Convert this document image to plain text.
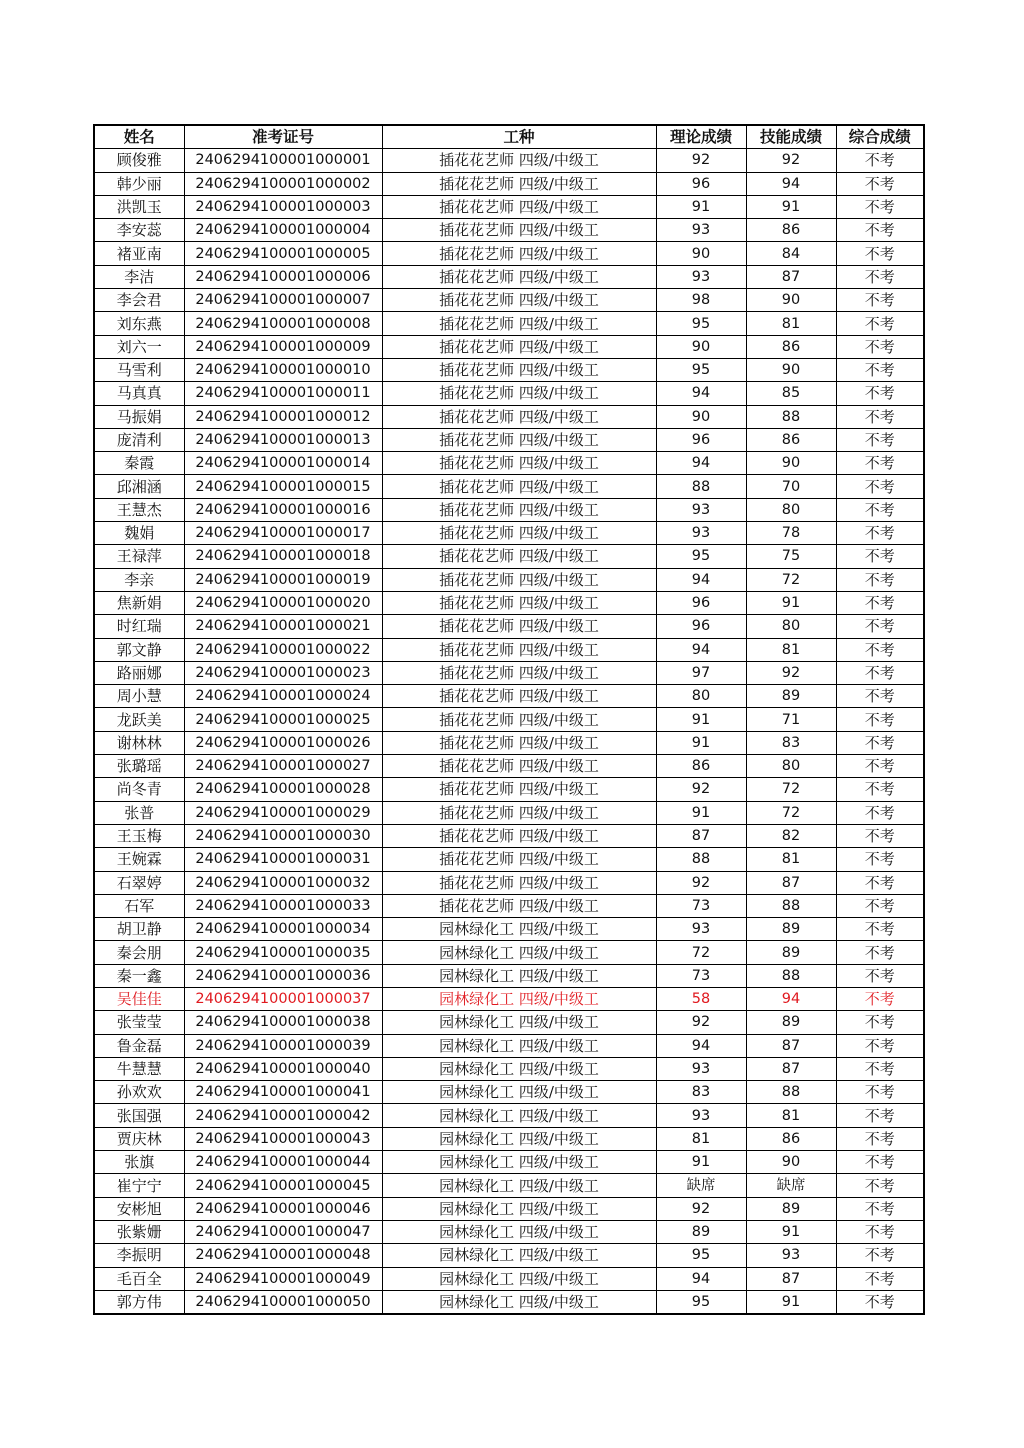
姓名	准考证号	工种	理论成绩	技能成绩	综合成绩
顾俊雅	2406294100001000001	插花花艺师 四级/中级工	92	92	不考
韩少丽	2406294100001000002	插花花艺师 四级/中级工	96	94	不考
洪凯玉	2406294100001000003	插花花艺师 四级/中级工	91	91	不考
李安蕊	2406294100001000004	插花花艺师 四级/中级工	93	86	不考
褚亚南	2406294100001000005	插花花艺师 四级/中级工	90	84	不考
李洁	2406294100001000006	插花花艺师 四级/中级工	93	87	不考
李会君	2406294100001000007	插花花艺师 四级/中级工	98	90	不考
刘东燕	2406294100001000008	插花花艺师 四级/中级工	95	81	不考
刘六一	2406294100001000009	插花花艺师 四级/中级工	90	86	不考
马雪利	2406294100001000010	插花花艺师 四级/中级工	95	90	不考
马真真	2406294100001000011	插花花艺师 四级/中级工	94	85	不考
马振娟	2406294100001000012	插花花艺师 四级/中级工	90	88	不考
庞清利	2406294100001000013	插花花艺师 四级/中级工	96	86	不考
秦霞	2406294100001000014	插花花艺师 四级/中级工	94	90	不考
邱湘涵	2406294100001000015	插花花艺师 四级/中级工	88	70	不考
王慧杰	2406294100001000016	插花花艺师 四级/中级工	93	80	不考
魏娟	2406294100001000017	插花花艺师 四级/中级工	93	78	不考
王禄萍	2406294100001000018	插花花艺师 四级/中级工	95	75	不考
李亲	2406294100001000019	插花花艺师 四级/中级工	94	72	不考
焦新娟	2406294100001000020	插花花艺师 四级/中级工	96	91	不考
时红瑞	2406294100001000021	插花花艺师 四级/中级工	96	80	不考
郭文静	2406294100001000022	插花花艺师 四级/中级工	94	81	不考
路丽娜	2406294100001000023	插花花艺师 四级/中级工	97	92	不考
周小慧	2406294100001000024	插花花艺师 四级/中级工	80	89	不考
龙跃美	2406294100001000025	插花花艺师 四级/中级工	91	71	不考
谢林林	2406294100001000026	插花花艺师 四级/中级工	91	83	不考
张璐瑶	2406294100001000027	插花花艺师 四级/中级工	86	80	不考
尚冬青	2406294100001000028	插花花艺师 四级/中级工	92	72	不考
张普	2406294100001000029	插花花艺师 四级/中级工	91	72	不考
王玉梅	2406294100001000030	插花花艺师 四级/中级工	87	82	不考
王婉霖	2406294100001000031	插花花艺师 四级/中级工	88	81	不考
石翠婷	2406294100001000032	插花花艺师 四级/中级工	92	87	不考
石军	2406294100001000033	插花花艺师 四级/中级工	73	88	不考
胡卫静	2406294100001000034	园林绿化工 四级/中级工	93	89	不考
秦会朋	2406294100001000035	园林绿化工 四级/中级工	72	89	不考
秦一鑫	2406294100001000036	园林绿化工 四级/中级工	73	88	不考
吴佳佳	2406294100001000037	园林绿化工 四级/中级工	58	94	不考
张莹莹	2406294100001000038	园林绿化工 四级/中级工	92	89	不考
鲁金磊	2406294100001000039	园林绿化工 四级/中级工	94	87	不考
牛慧慧	2406294100001000040	园林绿化工 四级/中级工	93	87	不考
孙欢欢	2406294100001000041	园林绿化工 四级/中级工	83	88	不考
张国强	2406294100001000042	园林绿化工 四级/中级工	93	81	不考
贾庆林	2406294100001000043	园林绿化工 四级/中级工	81	86	不考
张旗	2406294100001000044	园林绿化工 四级/中级工	91	90	不考
崔宁宁	2406294100001000045	园林绿化工 四级/中级工	缺席	缺席	不考
安彬旭	2406294100001000046	园林绿化工 四级/中级工	92	89	不考
张紫姗	2406294100001000047	园林绿化工 四级/中级工	89	91	不考
李振明	2406294100001000048	园林绿化工 四级/中级工	95	93	不考
毛百全	2406294100001000049	园林绿化工 四级/中级工	94	87	不考
郭方伟	2406294100001000050	园林绿化工 四级/中级工	95	91	不考
